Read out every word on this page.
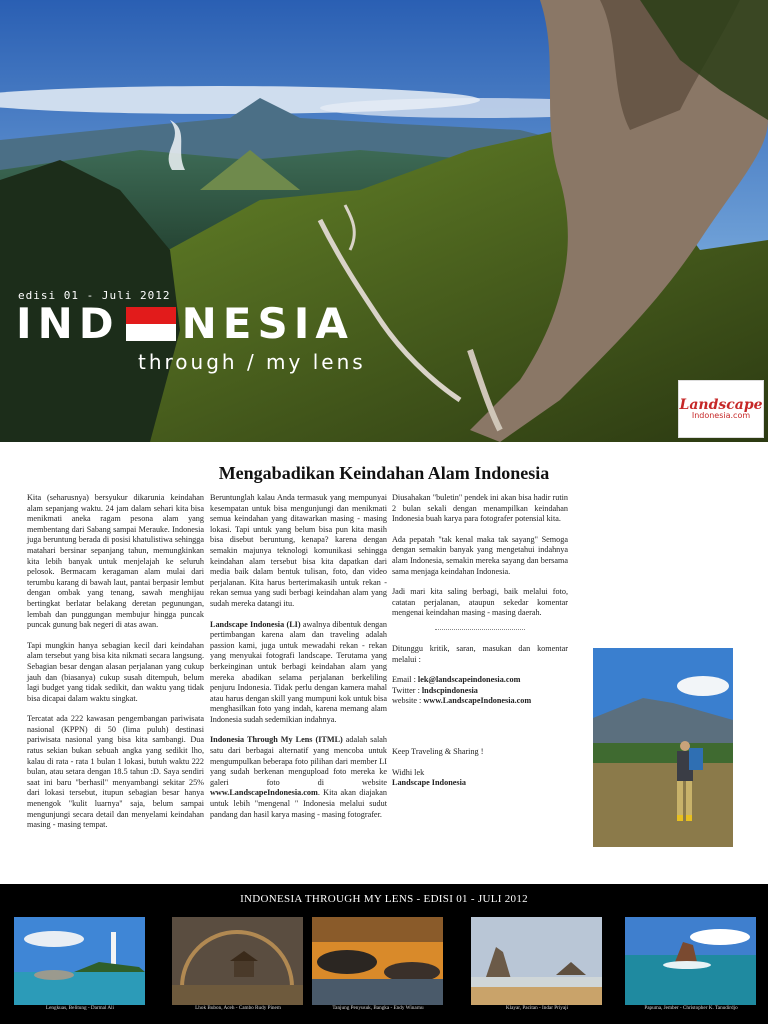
edisi 01 - Juli 2012
IND NESIA
through / my lens
Landscape
Indonesia.com
Mengabadikan Keindahan Alam Indonesia

Kita (seharusnya) bersyukur dikarunia keindahan alam sepanjang waktu. 24 jam dalam sehari kita bisa menikmati aneka ragam pesona alam yang membentang dari Sabang sampai Merauke. Indonesia juga beruntung berada di posisi khatulistiwa sehingga matahari bersinar sepanjang tahun, memungkinkan kita lebih banyak untuk menjelajah ke seluruh pelosok. Bermacam keragaman alam mulai dari terumbu karang di bawah laut, pantai berpasir lembut dengan ombak yang tenang, sawah menghijau bertingkat berlatar belakang deretan pegunungan, lembah dan punggungan membujur hingga puncak puncak gunung bak negeri di atas awan.

Tapi mungkin hanya sebagian kecil dari keindahan alam tersebut yang bisa kita nikmati secara langsung. Sebagian besar dengan alasan perjalanan yang cukup jauh dan (biasanya) cukup susah ditempuh, belum lagi budget yang tidak sedikit, dan waktu yang tidak bisa dicapai dalam waktu singkat.

Tercatat ada 222 kawasan pengembangan pariwisata nasional (KPPN) di 50 (lima puluh) destinasi pariwisata nasional yang bisa kita sambangi. Dua ratus sekian bukan sebuah angka yang sedikit lho, kalau di rata - rata 1 bulan 1 lokasi, butuh waktu 222 bulan, atau setara dengan 18.5 tahun :D. Saya sendiri saat ini baru "berhasil" menyambangi sekitar 25% dari lokasi tersebut, itupun sebagian besar hanya menengok "kulit luarnya" saja, belum sampai mengunjungi secara detail dan menyelami keindahan masing - masing tempat.

Beruntunglah kalau Anda termasuk yang mempunyai kesempatan untuk bisa mengunjungi dan menikmati semua keindahan yang ditawarkan masing - masing lokasi. Tapi untuk yang belum bisa pun kita masih bisa disebut beruntung, kenapa? karena dengan semakin majunya teknologi komunikasi sehingga keindahan alam tersebut bisa kita dapatkan dari media baik dalam bentuk tulisan, foto, dan video perjalanan. Kita harus berterimakasih untuk rekan - rekan semua yang sudi berbagi keindahan alam yang sudah mereka datangi itu.

Landscape Indonesia (LI) awalnya dibentuk dengan pertimbangan karena alam dan traveling adalah passion kami, juga untuk mewadahi rekan - rekan yang menyukai fotografi landscape. Terutama yang berkeinginan untuk berbagi keindahan alam yang mereka abadikan selama perjalanan berkeliling penjuru Indonesia. Tidak perlu dengan kamera mahal atau harus dengan skill yang mumpuni kok untuk bisa menghasilkan foto yang indah, karena memang alam Indonesia sudah sedemikian indahnya.

Indonesia Through My Lens (ITML) adalah salah satu dari berbagai alternatif yang mencoba untuk mengumpulkan beberapa foto pilihan dari member LI yang sudah berkenan mengupload foto mereka ke galeri foto di website www.LandscapeIndonesia.com. Kita akan diajakan untuk lebih "mengenal " Indonesia melalui sudut pandang dan hasil karya masing - masing fotografer.

Diusahakan "buletin" pendek ini akan bisa hadir rutin 2 bulan sekali dengan menampilkan keindahan Indonesia buah karya para fotografer potensial kita.

Ada pepatah "tak kenal maka tak sayang" Semoga dengan semakin banyak yang mengetahui indahnya alam Indonesia, semakin mereka sayang dan bersama sama menjaga keindahan Indonesia.

Jadi mari kita saling berbagi, baik melalui foto, catatan perjalanan, ataupun sekedar komentar mengenai keindahan masing - masing daerah.

Ditunggu kritik, saran, masukan dan komentar melalui :

Email : lek@landscapeindonesia.com
Twitter : lndscpindonesia
website : www.LandscapeIndonesia.com

Keep Traveling & Sharing !

Widhi lek
Landscape Indonesia
INDONESIA THROUGH MY LENS - EDISI 01 - JULI 2012
Lengkuas, Belitung - Darmal Ali	Lhok Bubon, Aceh - Cambo Rudy Pinem	Tanjung Penyusuk, Bangka - Endy Winarnu	Klayar, Pacitan - Indar Priyaji	Papuma, Jember - Christopher K. Tanudirdjo
